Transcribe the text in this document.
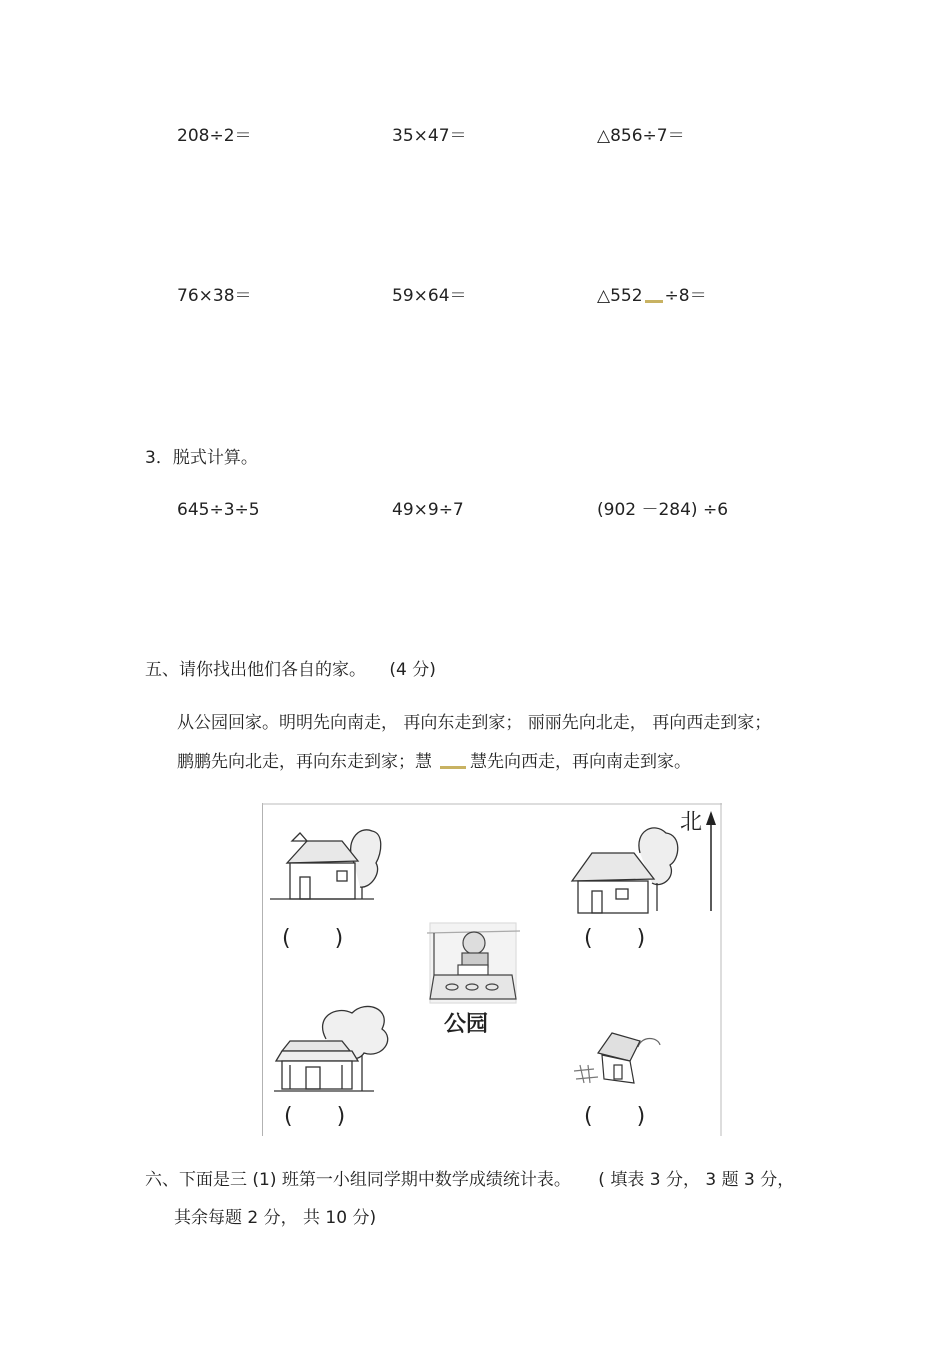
208÷2＝	35×47＝	△856÷7＝
76×38＝	59×64＝	△552 ÷8＝
3．脱式计算。
645÷3÷5	49×9÷7	(902 －284) ÷6
五、请你找出他们各自的家。 (4 分)
从公园回家。明明先向南走， 再向东走到家； 丽丽先向北走， 再向西走到家；
鹏鹏先向北走，再向东走到家；慧 慧先向西走，再向南走到家。
北
(　　)	(　　)
公园
(　　)	(　　)
六、下面是三 (1) 班第一小组同学期中数学成绩统计表。 ( 填表 3 分， 3 题 3 分，
其余每题 2 分， 共 10 分)
